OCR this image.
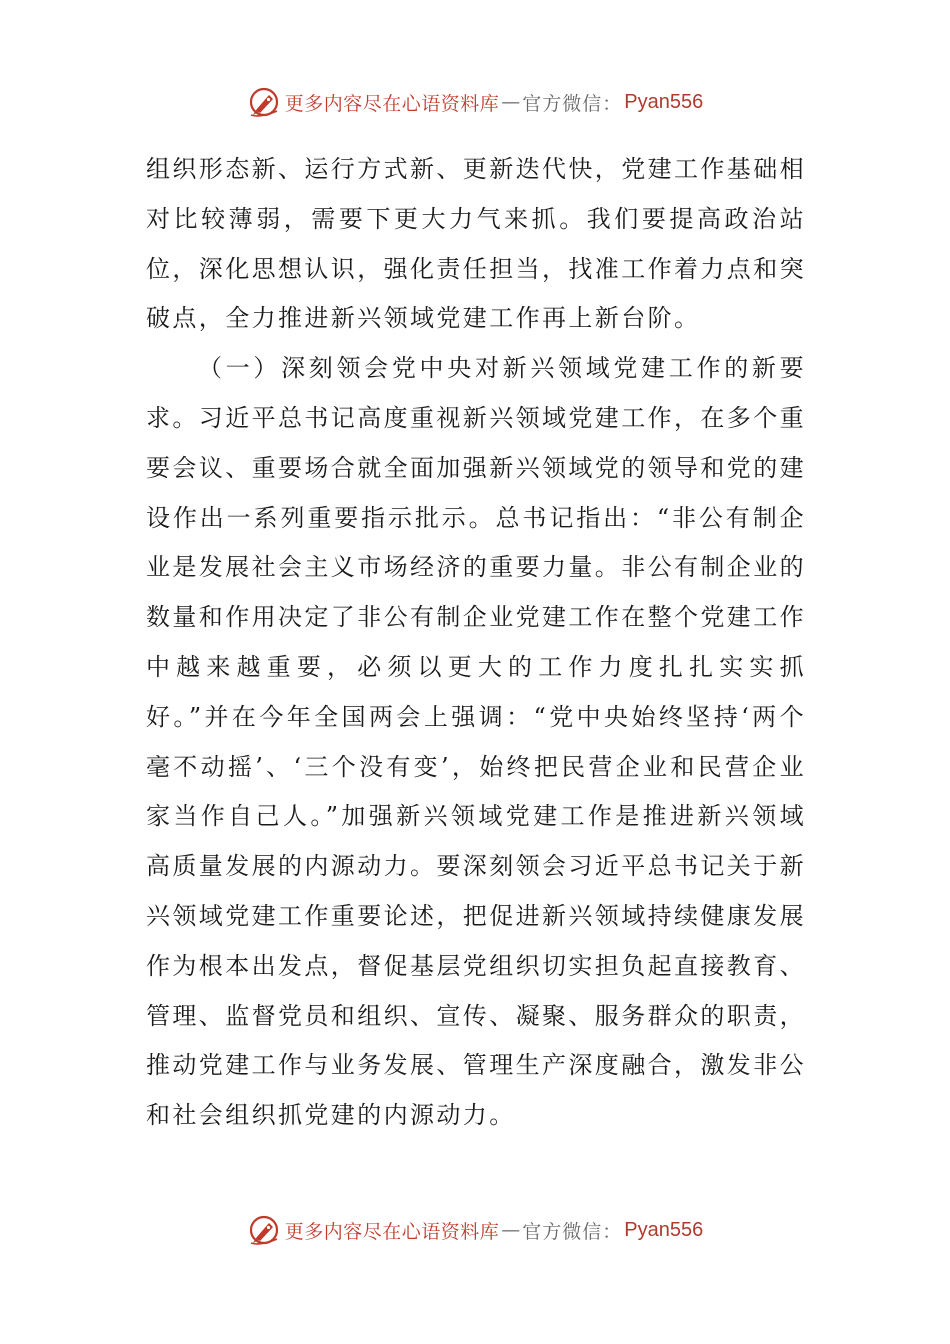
更多内容尽在心语资料库 — 官方微信： Pyan556

组织形态新、运行方式新、更新迭代快，党建工作基础相对比较薄弱，需要下更大力气来抓。我们要提高政治站位，深化思想认识，强化责任担当，找准工作着力点和突破点，全力推进新兴领域党建工作再上新台阶。

（一）深刻领会党中央对新兴领域党建工作的新要求。习近平总书记高度重视新兴领域党建工作，在多个重要会议、重要场合就全面加强新兴领域党的领导和党的建设作出一系列重要指示批示。总书记指出：“非公有制企业是发展社会主义市场经济的重要力量。非公有制企业的数量和作用决定了非公有制企业党建工作在整个党建工作中越来越重要，必须以更大的工作力度扎扎实实抓好。”并在今年全国两会上强调：“党中央始终坚持‘两个毫不动摇’、‘三个没有变’，始终把民营企业和民营企业家当作自己人。”加强新兴领域党建工作是推进新兴领域高质量发展的内源动力。要深刻领会习近平总书记关于新兴领域党建工作重要论述，把促进新兴领域持续健康发展作为根本出发点，督促基层党组织切实担负起直接教育、管理、监督党员和组织、宣传、凝聚、服务群众的职责，推动党建工作与业务发展、管理生产深度融合，激发非公和社会组织抓党建的内源动力。

更多内容尽在心语资料库 — 官方微信： Pyan556
